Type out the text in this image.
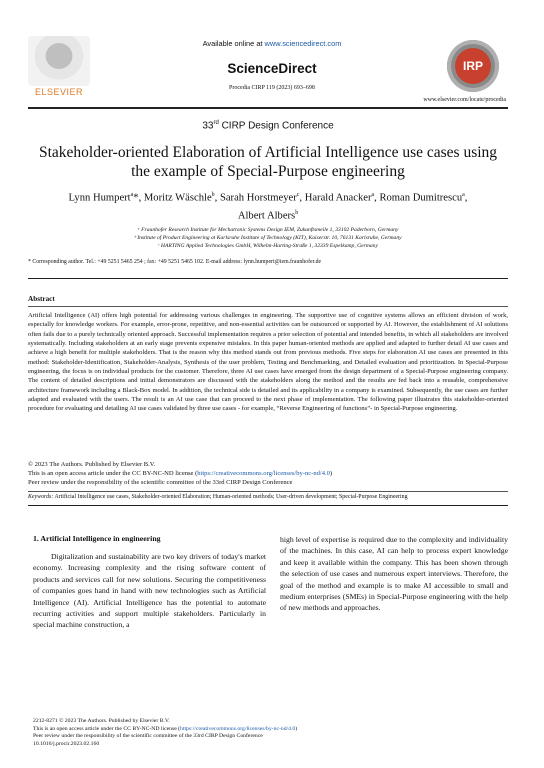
ELSEVIER
Available online at www.sciencedirect.com
ScienceDirect
Procedia CIRP 119 (2023) 693–698
IRP
www.elsevier.com/locate/procedia
33rd CIRP Design Conference
Stakeholder-oriented Elaboration of Artificial Intelligence use cases using the example of Special-Purpose engineering
Lynn Humpert$^a$*, Moritz Wäschle$^b$, Sarah Horstmeyer$^c$, Harald Anacker$^a$, Roman Dumitrescu$^a$,
Albert Albers$^b$
ᵃ Fraunhofer Research Institute for Mechatronic Systems Design IEM, Zukunftsmeile 1, 33102 Paderborn, Germany
ᵇ Institute of Product Engineering at Karlsruhe Institute of Technology (KIT), Kaiserstr. 10, 76131 Karlsruhe, Germany
ᶜ HARTING Applied Technologies GmbH, Wilhelm-Harting-Straße 1, 32339 Espelkamp, Germany
* Corresponding author. Tel.: +49 5251 5465 254 ; fax: +49 5251 5465 102. E-mail address: lynn.humpert@iem.fraunhofer.de
Abstract
Artificial Intelligence (AI) offers high potential for addressing various challenges in engineering. The supportive use of cognitive systems allows an efficient division of work, especially for knowledge workers. For example, error-prone, repetitive, and non-essential activities can be outsourced or supported by AI. However, the establishment of AI solutions often fails due to a purely technically oriented approach. Successful implementation requires a prior selection of potential and intended benefits, in which all stakeholders are involved systematically. Including stakeholders at an early stage prevents expensive mistakes. In this paper human-oriented methods are applied and adapted to further detail AI use cases and achieve a high benefit for multiple stakeholders. That is the reason why this method stands out from previous methods. Five steps for elaboration AI use cases are presented in this method: Stakeholder-Identification, Stakeholder-Analysis, Synthesis of the user problem, Testing and Benchmarking, and Detailed evaluation and prioritization. In Special-Purpose engineering, the focus is on individual products for the customer. Therefore, three AI use cases have emerged from the design department of a Special-Purpose engineering company. The content of detailed descriptions and initial demonstrators are discussed with the stakeholders along the method and the results are fed back into a reusable, comprehensive architecture framework including a Black-Box model. In addition, the technical side is detailed and its applicability in a company is examined. Subsequently, the use cases are further adapted and evaluated with the users. The result is an AI use case that can proceed to the next phase of implementation. The following paper illustrates this stakeholder-oriented procedure for evaluating and detailing AI use cases validated by three use cases - for example, “Reverse Engineering of functions”- in Special-Purpose engineering.
© 2023 The Authors. Published by Elsevier B.V.
This is an open access article under the CC BY-NC-ND license (https://creativecommons.org/licenses/by-nc-nd/4.0)
Peer review under the responsibility of the scientific committee of the 33rd CIRP Design Conference
Keywords: Artificial Intelligence use cases, Stakeholder-oriented Elaboration; Human-oriented methods; User-driven development; Special-Purpose Engineering
1. Artificial Intelligence in engineering
Digitalization and sustainability are two key drivers of today's market economy. Increasing complexity and the rising software content of products and services call for new solutions. Securing the competitiveness of companies goes hand in hand with new technologies such as Artificial Intelligence (AI). Artificial Intelligence has the potential to automate recurring activities and support multiple stakeholders. Particularly in special machine construction, a
high level of expertise is required due to the complexity and individuality of the machines. In this case, AI can help to process expert knowledge and keep it available within the company. This has been shown through the selection of use cases and numerous expert interviews. Therefore, the goal of the method and example is to make AI accessible to small and medium enterprises (SMEs) in Special-Purpose engineering with the help of new methods and approaches.
2212-8271 © 2023 The Authors. Published by Elsevier B.V.
This is an open access article under the CC BY-NC-ND license (https://creativecommons.org/licenses/by-nc-nd/4.0)
Peer review under the responsibility of the scientific committee of the 33rd CIRP Design Conference
10.1016/j.procir.2023.02.160
